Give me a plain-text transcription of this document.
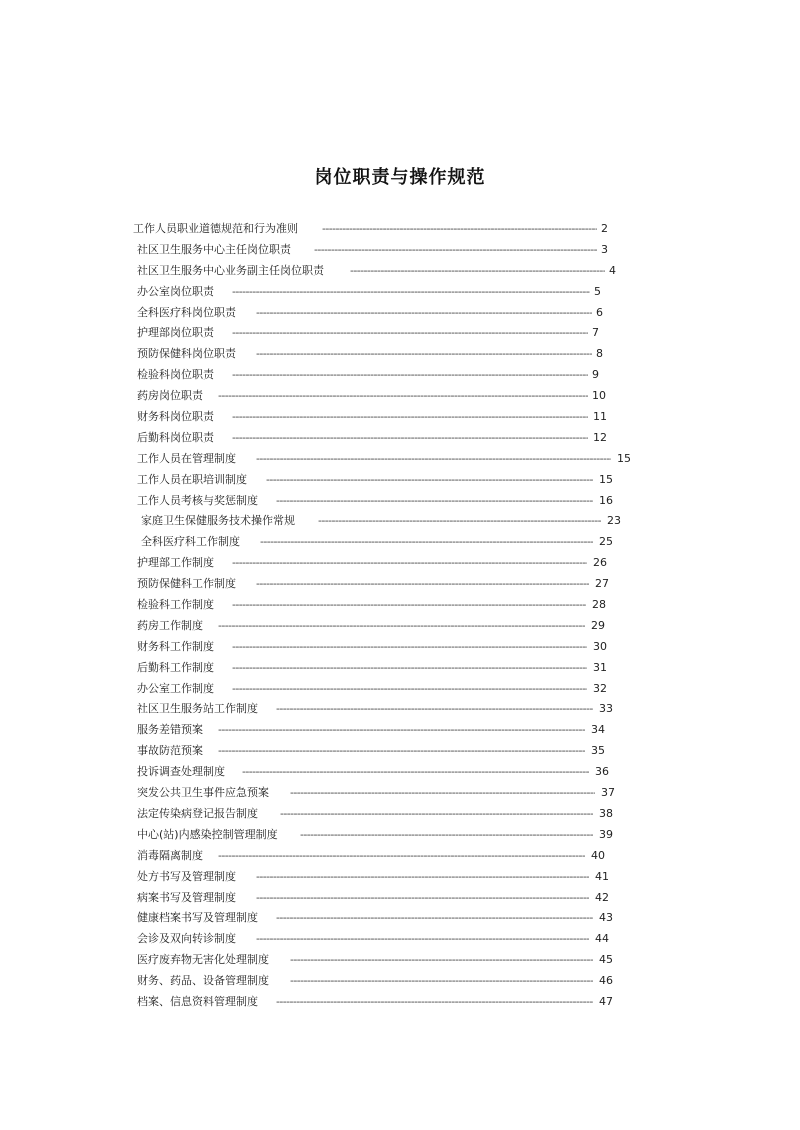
岗位职责与操作规范
工作人员职业道德规范和行为准则 -----	2
社区卫生服务中心主任岗位职责 -----	3
社区卫生服务中心业务副主任岗位职责 -----	4
办公室岗位职责 -----	5
全科医疗科岗位职责 -----	6
护理部岗位职责 -----	7
预防保健科岗位职责 -----	8
检验科岗位职责 -----	9
药房岗位职责 -----	10
财务科岗位职责 -----	11
后勤科岗位职责 -----	12
工作人员在管理制度 -----	15
工作人员在职培训制度 -----	15
工作人员考核与奖惩制度 -----	16
家庭卫生保健服务技术操作常规 -----	23
全科医疗科工作制度 -----	25
护理部工作制度 -----	26
预防保健科工作制度 -----	27
检验科工作制度 -----	28
药房工作制度 -----	29
财务科工作制度 -----	30
后勤科工作制度 -----	31
办公室工作制度 -----	32
社区卫生服务站工作制度 -----	33
服务差错预案 -----	34
事故防范预案 -----	35
投诉调查处理制度 -----	36
突发公共卫生事件应急预案 -----	37
法定传染病登记报告制度 -----	38
中心(站)内感染控制管理制度 -----	39
消毒隔离制度 -----	40
处方书写及管理制度 -----	41
病案书写及管理制度 -----	42
健康档案书写及管理制度 -----	43
会诊及双向转诊制度 -----	44
医疗废弃物无害化处理制度 -----	45
财务、药品、设备管理制度 -----	46
档案、信息资料管理制度 -----	47
